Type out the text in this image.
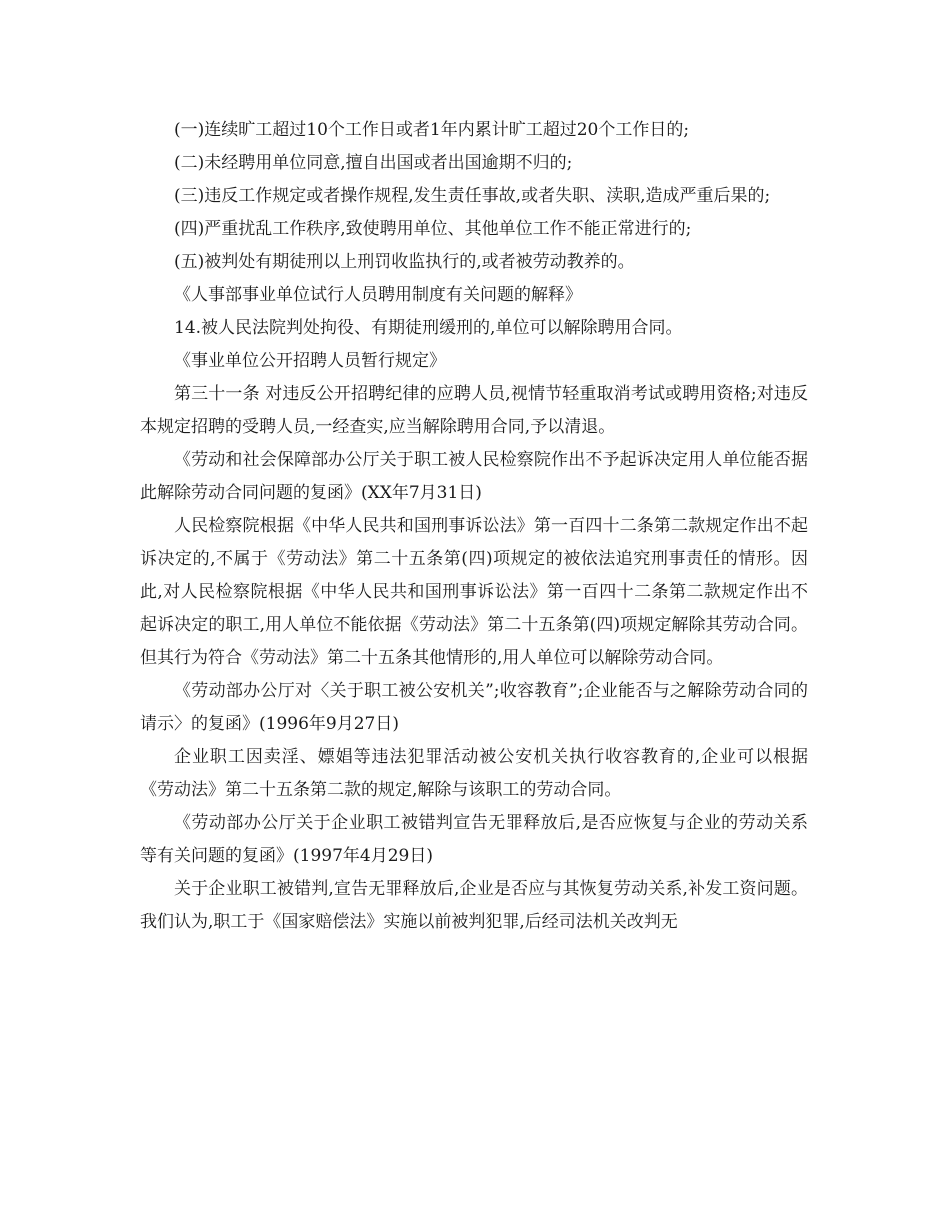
(一)连续旷工超过10个工作日或者1年内累计旷工超过20个工作日的;

(二)未经聘用单位同意,擅自出国或者出国逾期不归的;

(三)违反工作规定或者操作规程,发生责任事故,或者失职、渎职,造成严重后果的;

(四)严重扰乱工作秩序,致使聘用单位、其他单位工作不能正常进行的;

(五)被判处有期徒刑以上刑罚收监执行的,或者被劳动教养的。

《人事部事业单位试行人员聘用制度有关问题的解释》

14.被人民法院判处拘役、有期徒刑缓刑的,单位可以解除聘用合同。

《事业单位公开招聘人员暂行规定》

第三十一条 对违反公开招聘纪律的应聘人员,视情节轻重取消考试或聘用资格;对违反本规定招聘的受聘人员,一经查实,应当解除聘用合同,予以清退。

《劳动和社会保障部办公厅关于职工被人民检察院作出不予起诉决定用人单位能否据此解除劳动合同问题的复函》(XX年7月31日)

人民检察院根据《中华人民共和国刑事诉讼法》第一百四十二条第二款规定作出不起诉决定的,不属于《劳动法》第二十五条第(四)项规定的被依法追究刑事责任的情形。因此,对人民检察院根据《中华人民共和国刑事诉讼法》第一百四十二条第二款规定作出不起诉决定的职工,用人单位不能依据《劳动法》第二十五条第(四)项规定解除其劳动合同。但其行为符合《劳动法》第二十五条其他情形的,用人单位可以解除劳动合同。

《劳动部办公厅对〈关于职工被公安机关”;收容教育”;企业能否与之解除劳动合同的请示〉的复函》(1996年9月27日)

企业职工因卖淫、嫖娼等违法犯罪活动被公安机关执行收容教育的,企业可以根据《劳动法》第二十五条第二款的规定,解除与该职工的劳动合同。

《劳动部办公厅关于企业职工被错判宣告无罪释放后,是否应恢复与企业的劳动关系等有关问题的复函》(1997年4月29日)

关于企业职工被错判,宣告无罪释放后,企业是否应与其恢复劳动关系,补发工资问题。我们认为,职工于《国家赔偿法》实施以前被判犯罪,后经司法机关改判无
